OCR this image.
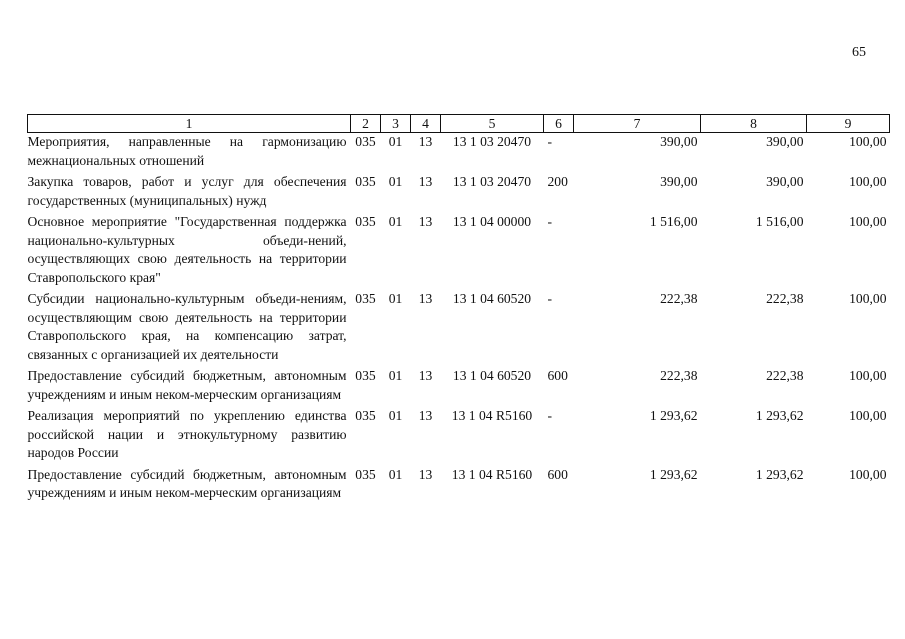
65
1	2	3	4	5	6	7	8	9
Мероприятия, направленные на гармонизацию межнациональных отношений	035	01	13	13 1 03 20470	-	390,00	390,00	100,00
Закупка товаров, работ и услуг для обеспечения государственных (муниципальных) нужд	035	01	13	13 1 03 20470	200	390,00	390,00	100,00
Основное мероприятие "Государственная поддержка национально-культурных объеди-нений, осуществляющих свою деятельность на территории Ставропольского края"	035	01	13	13 1 04 00000	-	1 516,00	1 516,00	100,00
Субсидии национально-культурным объеди-нениям, осуществляющим свою деятельность на территории Ставропольского края, на компенсацию затрат, связанных с организацией их деятельности	035	01	13	13 1 04 60520	-	222,38	222,38	100,00
Предоставление субсидий бюджетным, автономным учреждениям и иным неком-мерческим организациям	035	01	13	13 1 04 60520	600	222,38	222,38	100,00
Реализация мероприятий по укреплению единства российской нации и этнокультурному развитию народов России	035	01	13	13 1 04 R5160	-	1 293,62	1 293,62	100,00
Предоставление субсидий бюджетным, автономным учреждениям и иным неком-мерческим организациям	035	01	13	13 1 04 R5160	600	1 293,62	1 293,62	100,00
